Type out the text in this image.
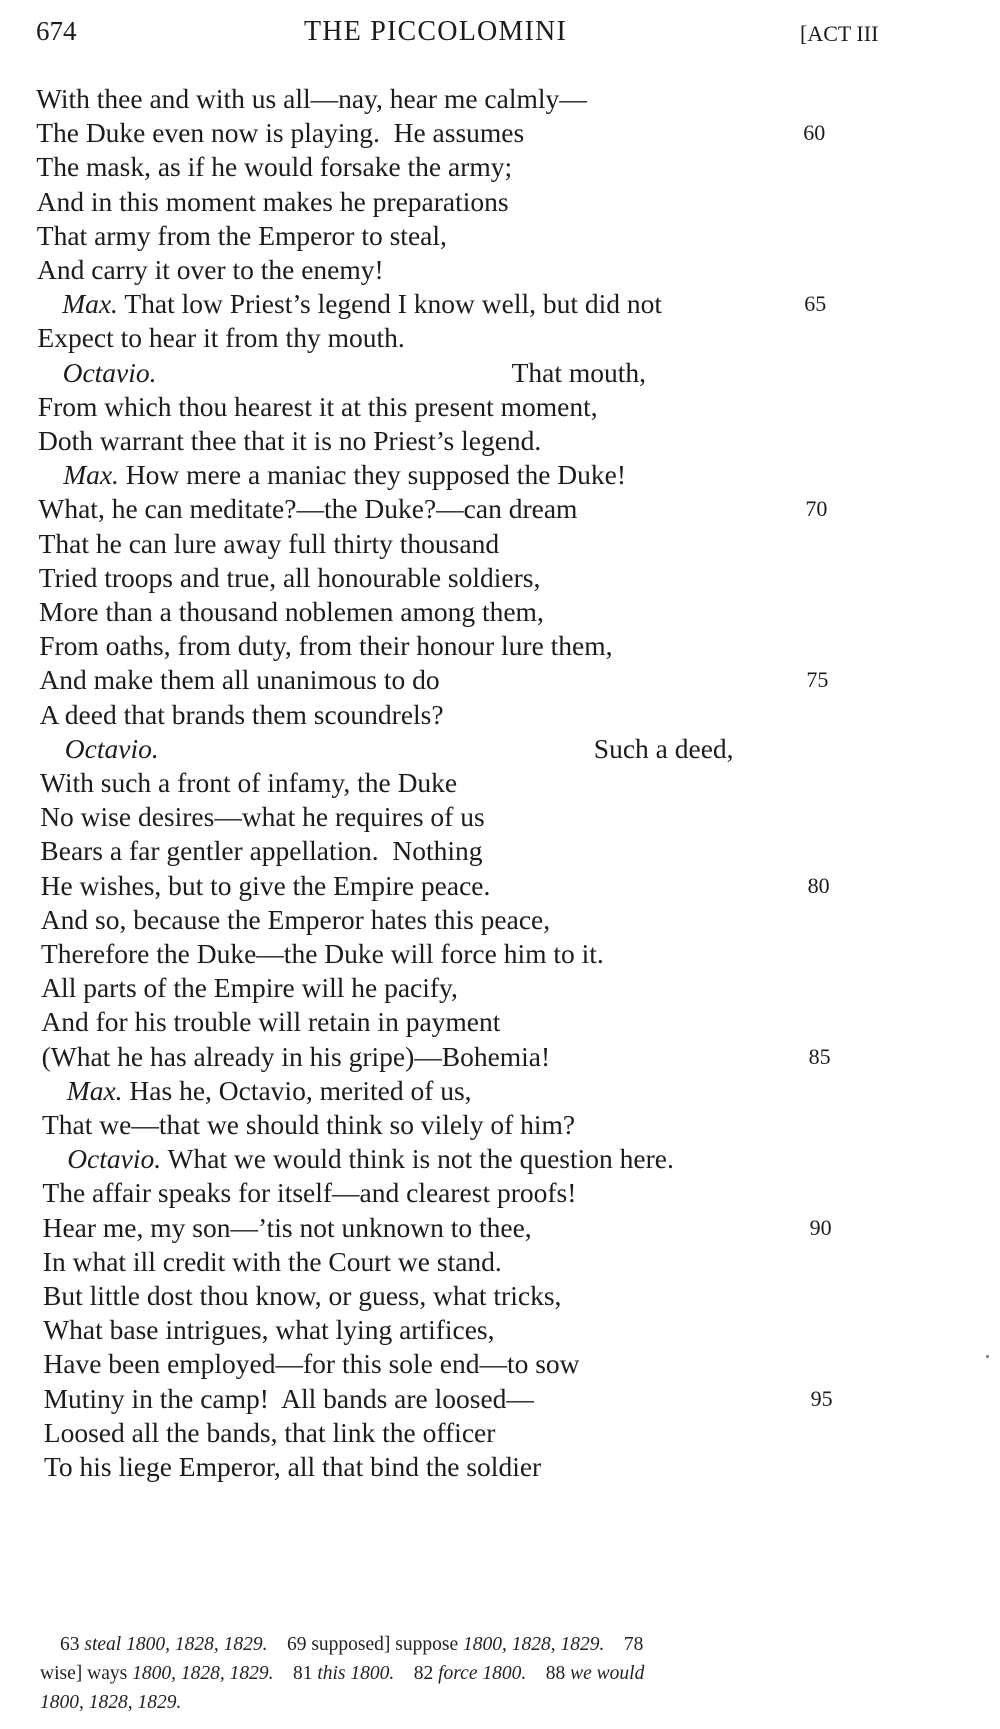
674	THE PICCOLOMINI	[ACT III
With thee and with us all—nay, hear me calmly—
The Duke even now is playing.  He assumes	60
The mask, as if he would forsake the army;
And in this moment makes he preparations
That army from the Emperor to steal,
And carry it over to the enemy!
Max. That low Priest’s legend I know well, but did not	65
Expect to hear it from thy mouth.
Octavio.	That mouth,
From which thou hearest it at this present moment,
Doth warrant thee that it is no Priest’s legend.
Max. How mere a maniac they supposed the Duke!
What, he can meditate?—the Duke?—can dream	70
That he can lure away full thirty thousand
Tried troops and true, all honourable soldiers,
More than a thousand noblemen among them,
From oaths, from duty, from their honour lure them,
And make them all unanimous to do	75
A deed that brands them scoundrels?
Octavio.	Such a deed,
With such a front of infamy, the Duke
No wise desires—what he requires of us
Bears a far gentler appellation.  Nothing
He wishes, but to give the Empire peace.	80
And so, because the Emperor hates this peace,
Therefore the Duke—the Duke will force him to it.
All parts of the Empire will he pacify,
And for his trouble will retain in payment
(What he has already in his gripe)—Bohemia!	85
Max. Has he, Octavio, merited of us,
That we—that we should think so vilely of him?
Octavio. What we would think is not the question here.
The affair speaks for itself—and clearest proofs!
Hear me, my son—’tis not unknown to thee,	90
In what ill credit with the Court we stand.
But little dost thou know, or guess, what tricks,
What base intrigues, what lying artifices,
Have been employed—for this sole end—to sow
Mutiny in the camp!  All bands are loosed—	95
Loosed all the bands, that link the officer
To his liege Emperor, all that bind the soldier
63 steal 1800, 1828, 1829.    69 supposed] suppose 1800, 1828, 1829.    78
wise] ways 1800, 1828, 1829.    81 this 1800.    82 force 1800.    88 we would
1800, 1828, 1829.
